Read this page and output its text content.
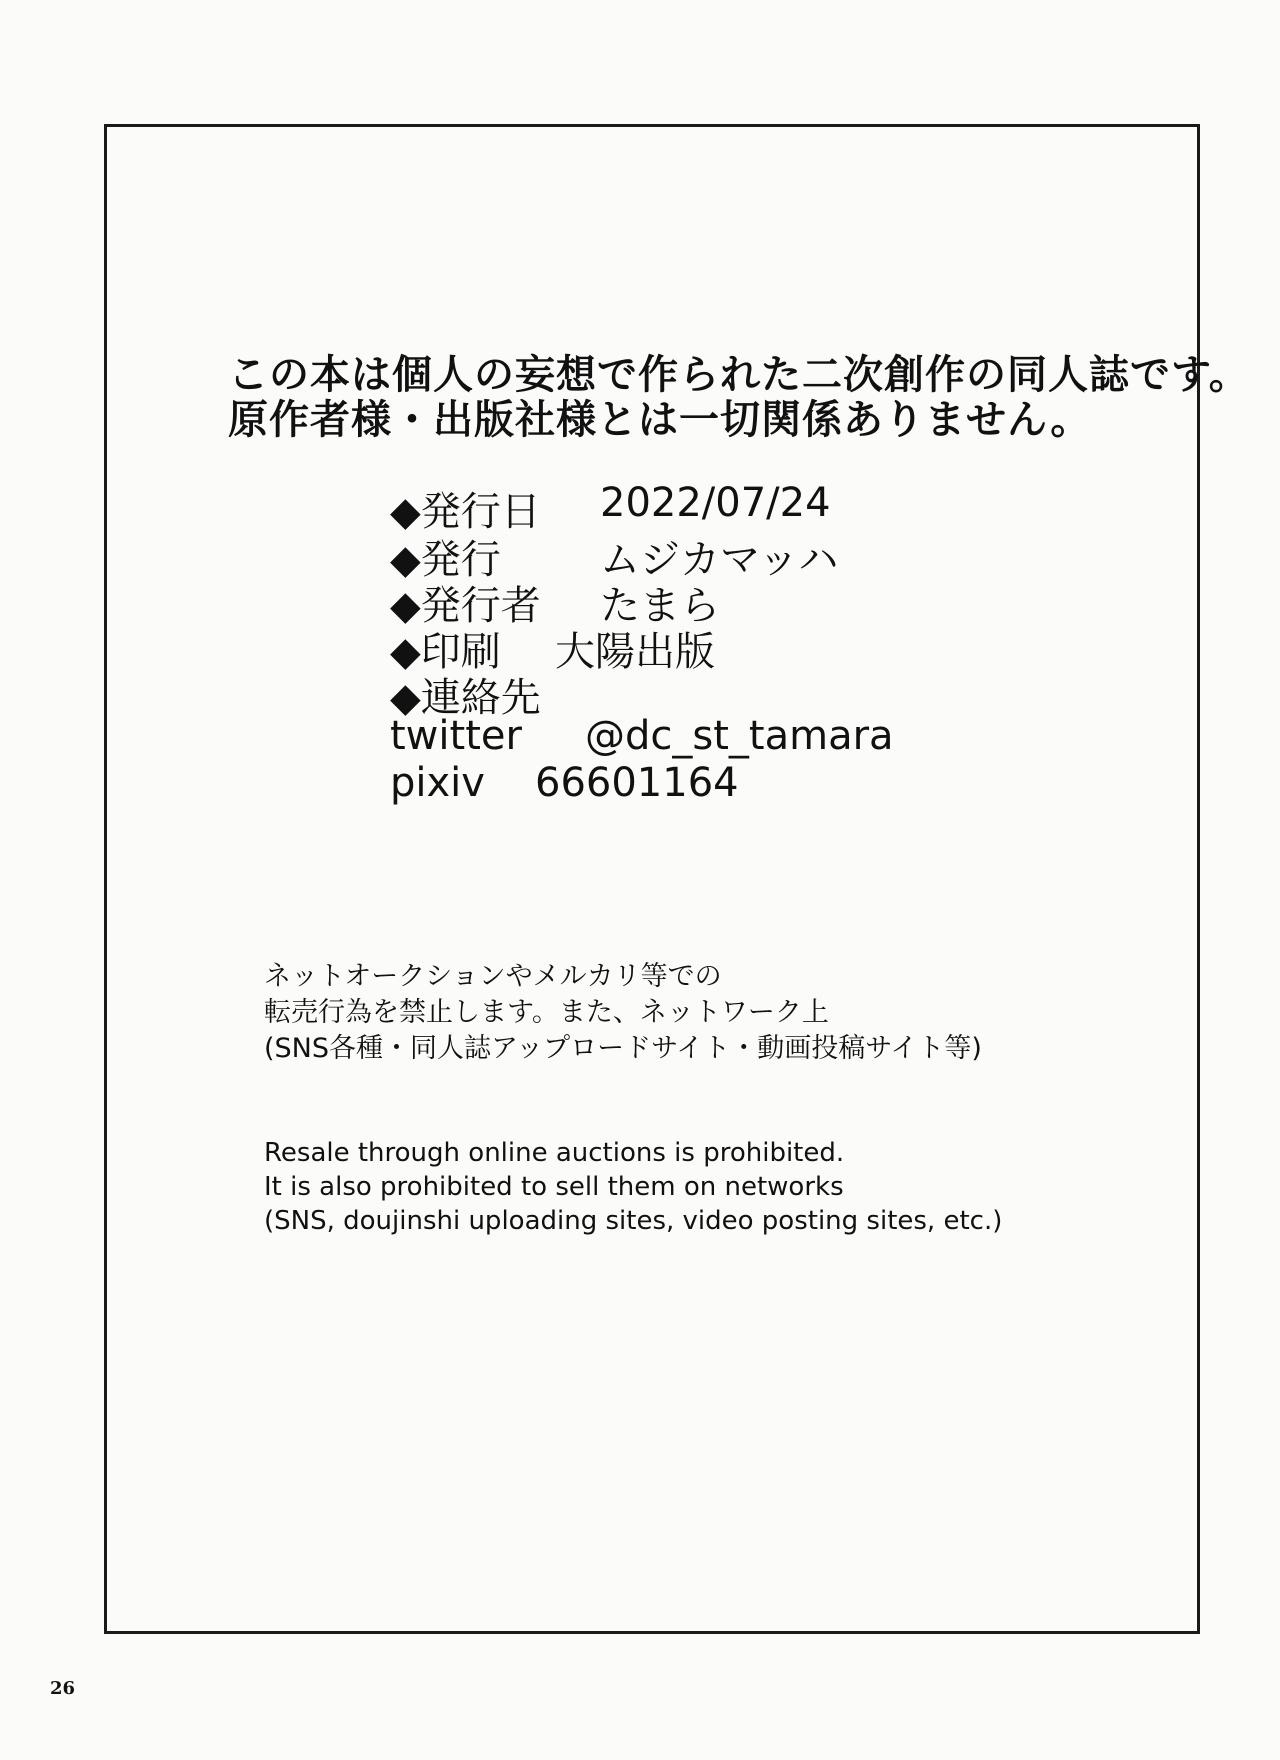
この本は個人の妄想で作られた二次創作の同人誌です。
原作者様・出版社様とは一切関係ありません。
◆発行日 2022/07/24
◆発行 ムジカマッハ
◆発行者 たまら
◆印刷 大陽出版
◆連絡先
twitter @dc_st_tamara
pixiv 66601164
ネットオークションやメルカリ等での
転売行為を禁止します。また、ネットワーク上
(SNS各種・同人誌アップロードサイト・動画投稿サイト等)
Resale through online auctions is prohibited.
It is also prohibited to sell them on networks
(SNS, doujinshi uploading sites, video posting sites, etc.)
26
